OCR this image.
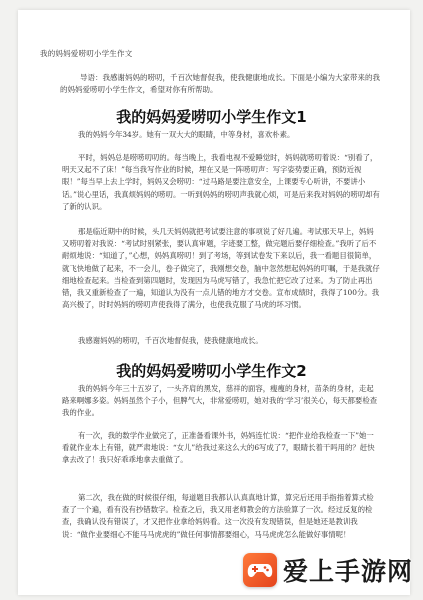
我的妈妈爱唠叨小学生作文
导语：我感谢妈妈的唠叨，千百次她督促我，使我健康地成长。下面是小编为大家带来的我的妈妈爱唠叨小学生作文，希望对你有所帮助。
我的妈妈爱唠叨小学生作文1

我的妈妈今年34岁。她有一双大大的眼睛，中等身材，喜欢朴素。

平时，妈妈总是唠唠叨叨的。每当晚上，我看电视不爱睡觉时，妈妈就唠叨着说：“别看了，明天又起不了床！”每当我写作业的时候，埋在又是一阵唠叨声：写字姿势要正确，预防近视眼！”每当早上去上学时，妈妈又会唠叨：“过马路是要注意安全，上课要专心听讲，不要讲小话。”说心里话，我真烦妈妈的唠叨。一听到妈妈的唠叨声我就心烦，可是后来我对妈妈的唠叨却有了新的认识。

那是临近期中的时候，头几天妈妈就把考试要注意的事项说了好几遍。考试那天早上，妈妈又唠叨着对我说：“考试时别紧张，要认真审题，字迹要工整，做完题后要仔细检查。”我听了后不耐烦地说：“知道了，”心想，妈妈真唠叨！到了考场，等到试卷发下来以后，我一看题目很简单，就飞快地做了起来，不一会儿，卷子做完了，我刚想交卷，脑中忽然想起妈妈的叮嘱，于是我就仔细地检查起来。当检查到第四题时，发现因为马虎写错了，我急忙把它改了过来。为了防止再出错，我又重新检查了一遍，知道认为没有一点儿错的地方才交卷。宣布成绩时，我得了100分。我高兴极了，时时妈妈的唠叨声使我得了满分，也使我克服了马虎的坏习惯。

我感谢妈妈的唠叨，千百次地督促我，使我健康地成长。

我的妈妈爱唠叨小学生作文2

我的妈妈今年三十五岁了，一头齐肩的黑发，慈祥的面容，瘦瘦的身材，苗条的身材，走起路来啊娜多姿。妈妈虽然个子小，但脾气大，非常爱唠叨，她对我的‘学习’很关心，每天都要检查我的作业。

有一次，我的数学作业做完了，正准备看课外书，妈妈连忙说：“把作业给我检查一下”她一看就作业本上有错，就严肃地说：“女儿”给我过来这么大的6写成了7，眼睛长着干吗用的？赶快拿去改了！我只好乖乖地拿去重做了。

第二次，我在做的时候很仔细，每道题目我都认认真真地计算，算完后还用手指指着算式检查了一个遍，看有没有抄错数字。检查之后，我又用老师教会的方法验算了一次。经过反复的检查，我确认没有错误了，才又把作业拿给妈妈看。这一次没有发现错误，但是她还是教训我说：“做作业要细心不能马马虎虎的”做任何事情都要细心，马马虎虎怎么能做好事情呢！

爱上手游网
